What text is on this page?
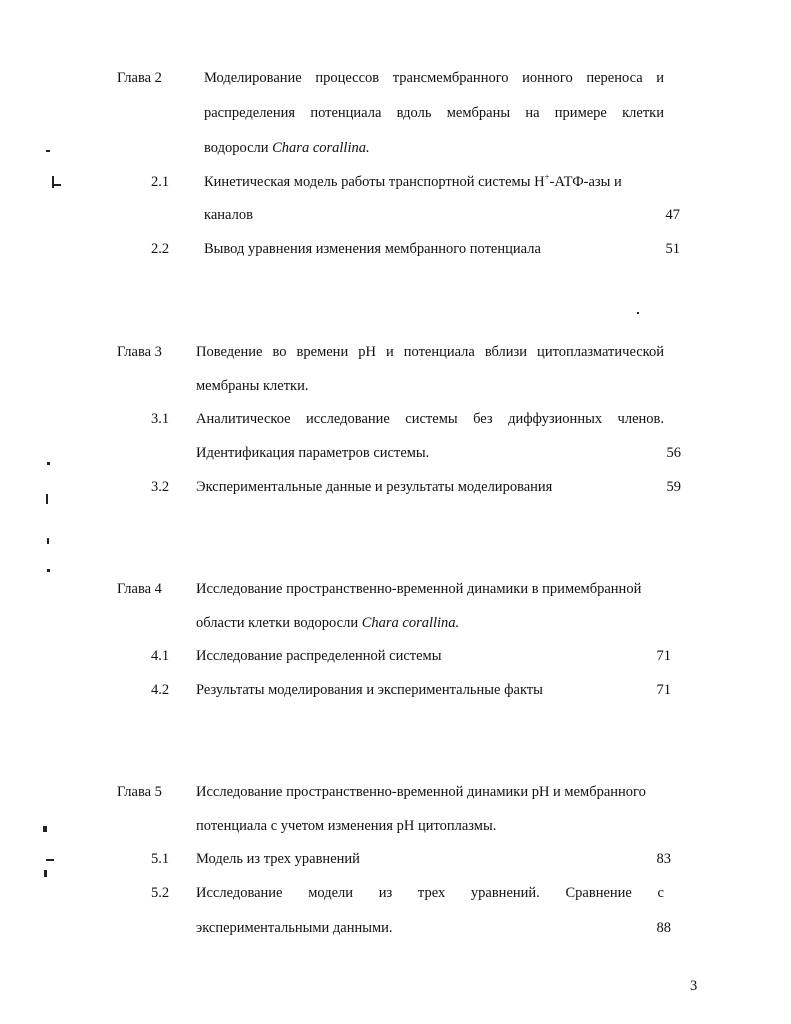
Глава 2	Моделирование процессов трансмембранного ионного переноса и
распределения потенциала вдоль мембраны на примере клетки
водоросли Chara corallina.
2.1 Кинетическая модель работы транспортной системы H+-АТФ-азы и
каналов	47
2.2 Вывод уравнения изменения мембранного потенциала	51
Глава 3 Поведение во времени рН и потенциала вблизи цитоплазматической
мембраны клетки.
3.1 Аналитическое исследование системы без диффузионных членов.
Идентификация параметров системы.	56
3.2 Экспериментальные данные и результаты моделирования	59
Глава 4 Исследование пространственно-временной динамики в примембранной
области клетки водоросли Chara corallina.
4.1 Исследование распределенной системы	71
4.2 Результаты моделирования и экспериментальные факты	71
Глава 5 Исследование пространственно-временной динамики рН и мембранного
потенциала с учетом изменения рН цитоплазмы.
5.1 Модель из трех уравнений	83
5.2 Исследование модели из трех уравнений. Сравнение с
экспериментальными данными.	88
3
